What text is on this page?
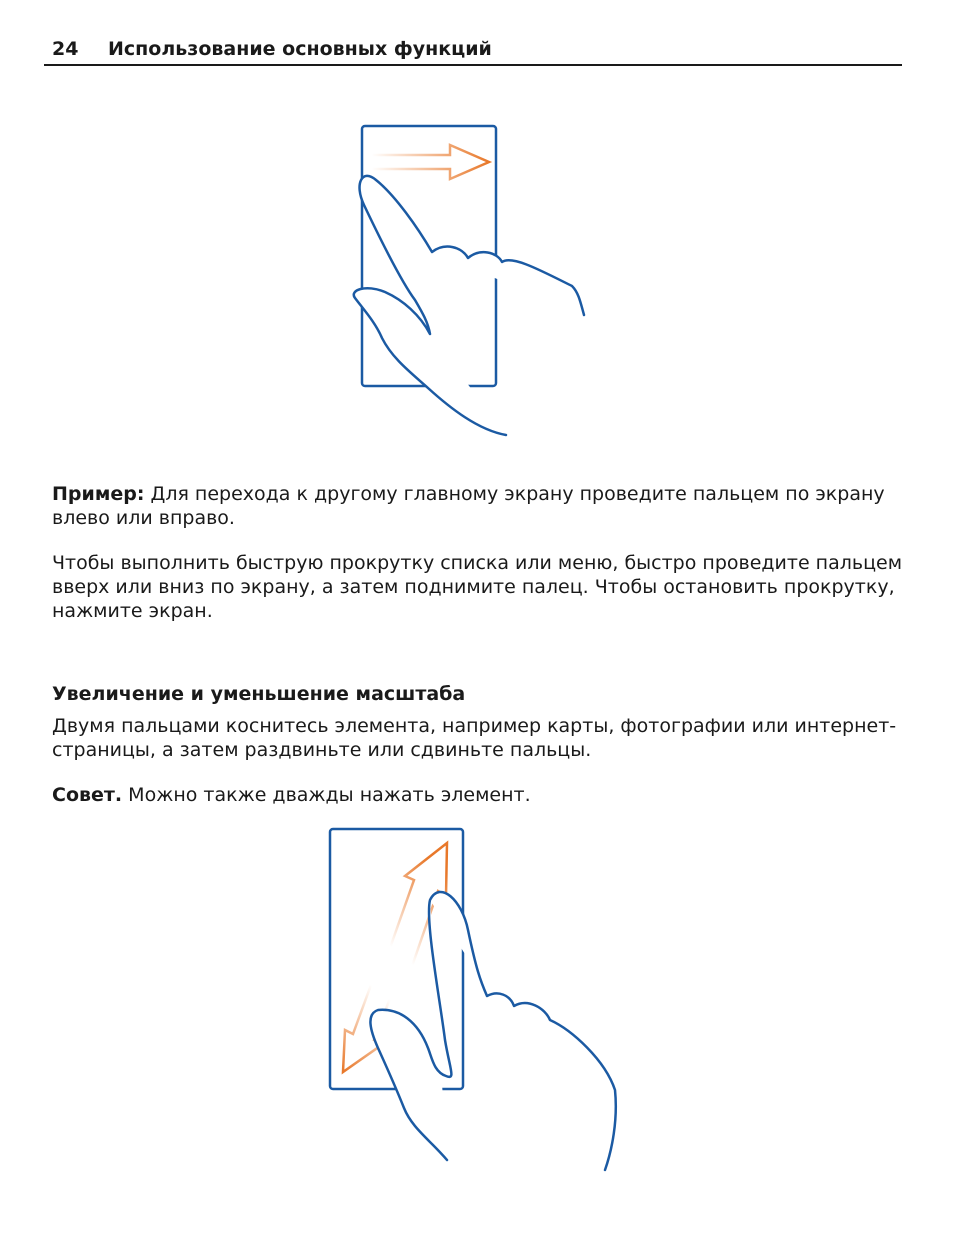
24 Использование основных функций

Пример: Для перехода к другому главному экрану проведите пальцем по экрану влево или вправо.

Чтобы выполнить быструю прокрутку списка или меню, быстро проведите пальцем вверх или вниз по экрану, а затем поднимите палец. Чтобы остановить прокрутку, нажмите экран.

Увеличение и уменьшение масштаба

Двумя пальцами коснитесь элемента, например карты, фотографии или интернет-страницы, а затем раздвиньте или сдвиньте пальцы.

Совет. Можно также дважды нажать элемент.
